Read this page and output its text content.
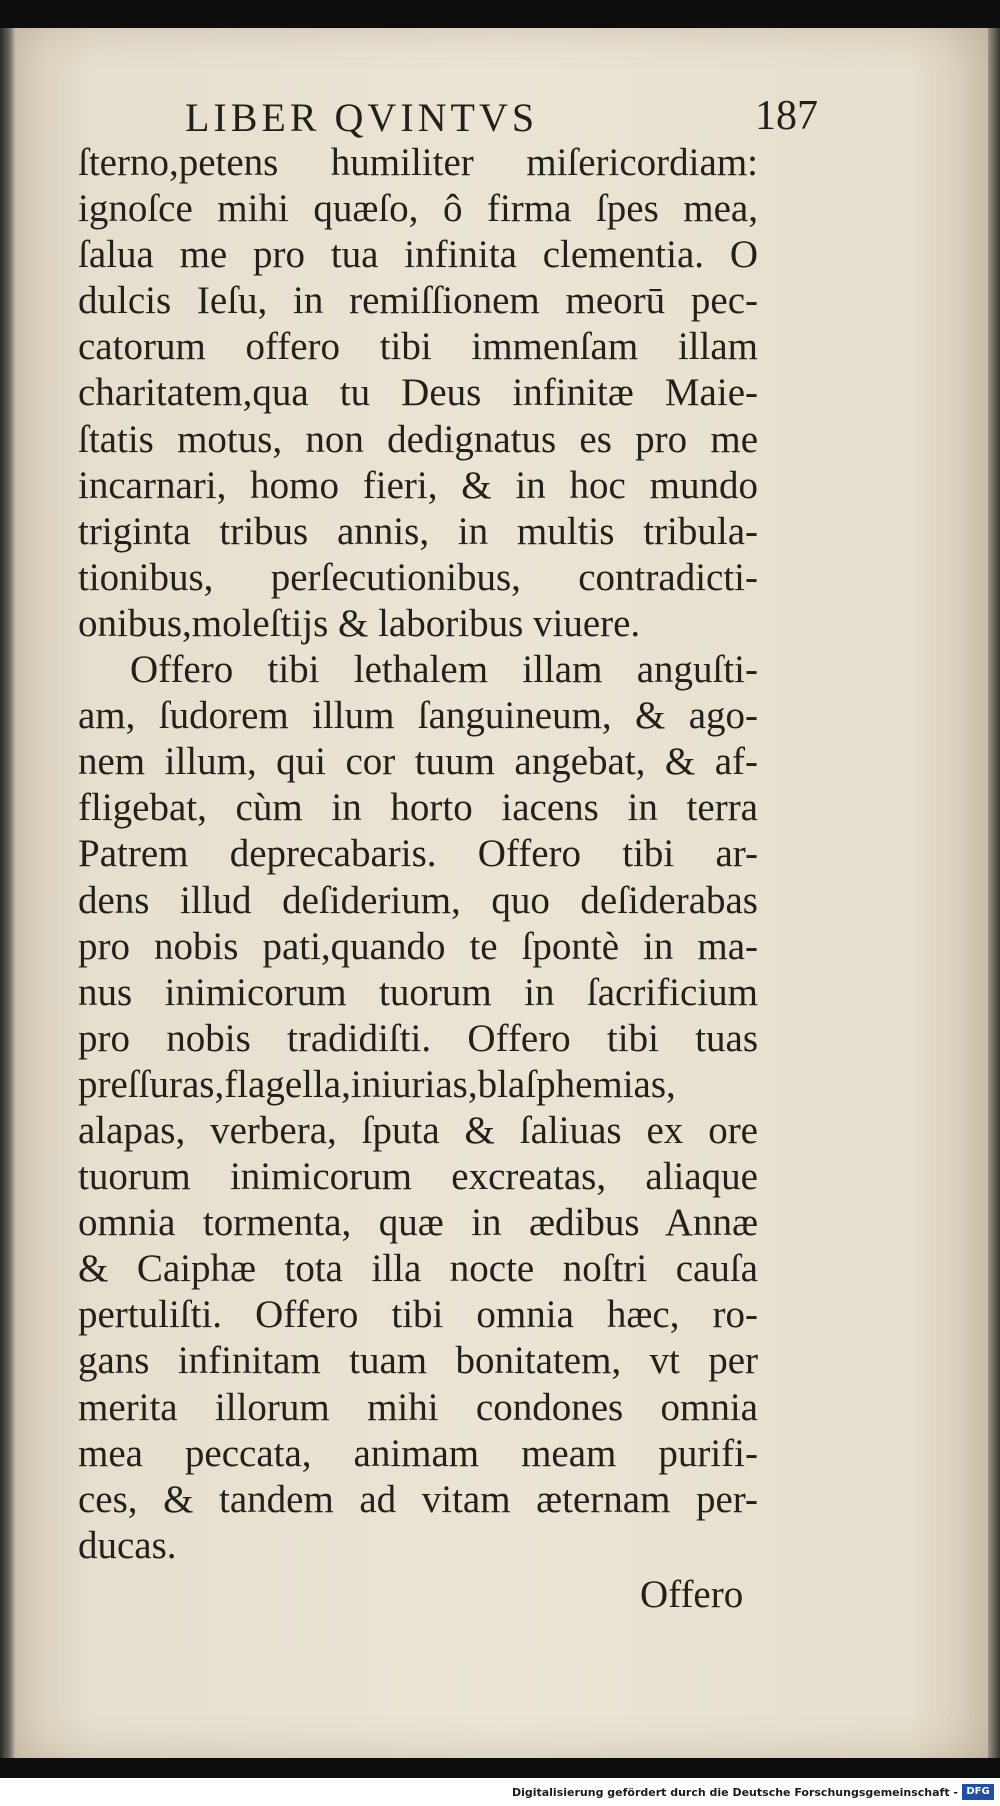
LIBER QVINTVS	187
ſterno,petens humiliter miſericordiam:
ignoſce mihi quæſo, ô firma ſpes mea,
ſalua me pro tua infinita clementia. O
dulcis Ieſu, in remiſſionem meorū pec-
catorum offero tibi immenſam illam
charitatem,qua tu Deus infinitæ Maie-
ſtatis motus, non dedignatus es pro me
incarnari, homo fieri, & in hoc mundo
triginta tribus annis, in multis tribula-
tionibus, perſecutionibus, contradicti-
onibus,moleſtijs & laboribus viuere.
Offero tibi lethalem illam anguſti-
am, ſudorem illum ſanguineum, & ago-
nem illum, qui cor tuum angebat, & af-
fligebat, cùm in horto iacens in terra
Patrem deprecabaris. Offero tibi ar-
dens illud deſiderium, quo deſiderabas
pro nobis pati,quando te ſpontè in ma-
nus inimicorum tuorum in ſacrificium
pro nobis tradidiſti. Offero tibi tuas
preſſuras,flagella,iniurias,blaſphemias,
alapas, verbera, ſputa & ſaliuas ex ore
tuorum inimicorum excreatas, aliaque
omnia tormenta, quæ in ædibus Annæ
& Caiphæ tota illa nocte noſtri cauſa
pertuliſti. Offero tibi omnia hæc, ro-
gans infinitam tuam bonitatem, vt per
merita illorum mihi condones omnia
mea peccata, animam meam purifi-
ces, & tandem ad vitam æternam per-
ducas.
Offero
Digitalisierung gefördert durch die Deutsche Forschungsgemeinschaft - DFG
